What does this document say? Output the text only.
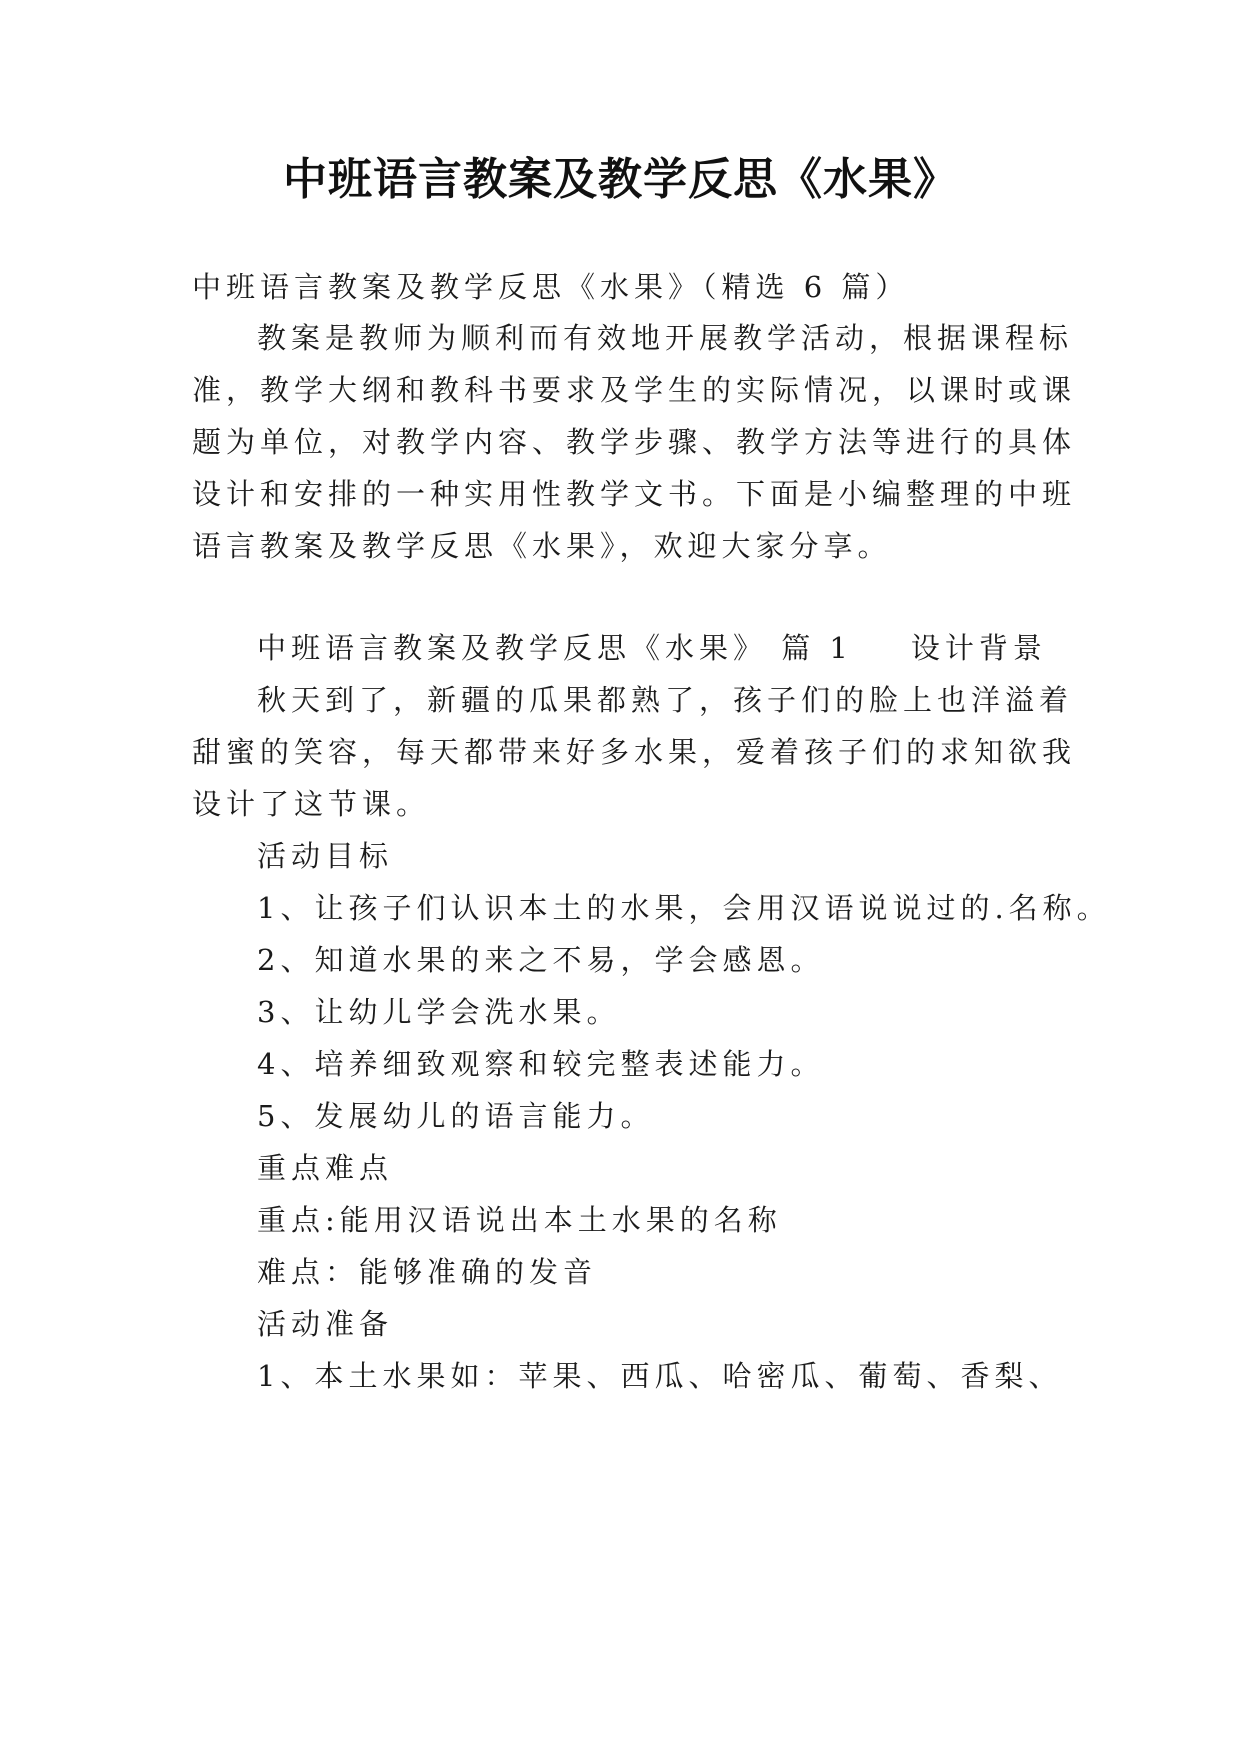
中班语言教案及教学反思《水果》
中班语言教案及教学反思《水果》（精选 6 篇）
教案是教师为顺利而有效地开展教学活动，根据课程标
准，教学大纲和教科书要求及学生的实际情况，以课时或课
题为单位，对教学内容、教学步骤、教学方法等进行的具体
设计和安排的一种实用性教学文书。下面是小编整理的中班
语言教案及教学反思《水果》，欢迎大家分享。
中班语言教案及教学反思《水果》 篇 1 设计背景
秋天到了，新疆的瓜果都熟了，孩子们的脸上也洋溢着
甜蜜的笑容，每天都带来好多水果，爱着孩子们的求知欲我
设计了这节课。
活动目标
1、让孩子们认识本土的水果，会用汉语说说过的.名称。
2、知道水果的来之不易，学会感恩。
3、让幼儿学会洗水果。
4、培养细致观察和较完整表述能力。
5、发展幼儿的语言能力。
重点难点
重点:能用汉语说出本土水果的名称
难点：能够准确的发音
活动准备
1、本土水果如：苹果、西瓜、哈密瓜、葡萄、香梨、
